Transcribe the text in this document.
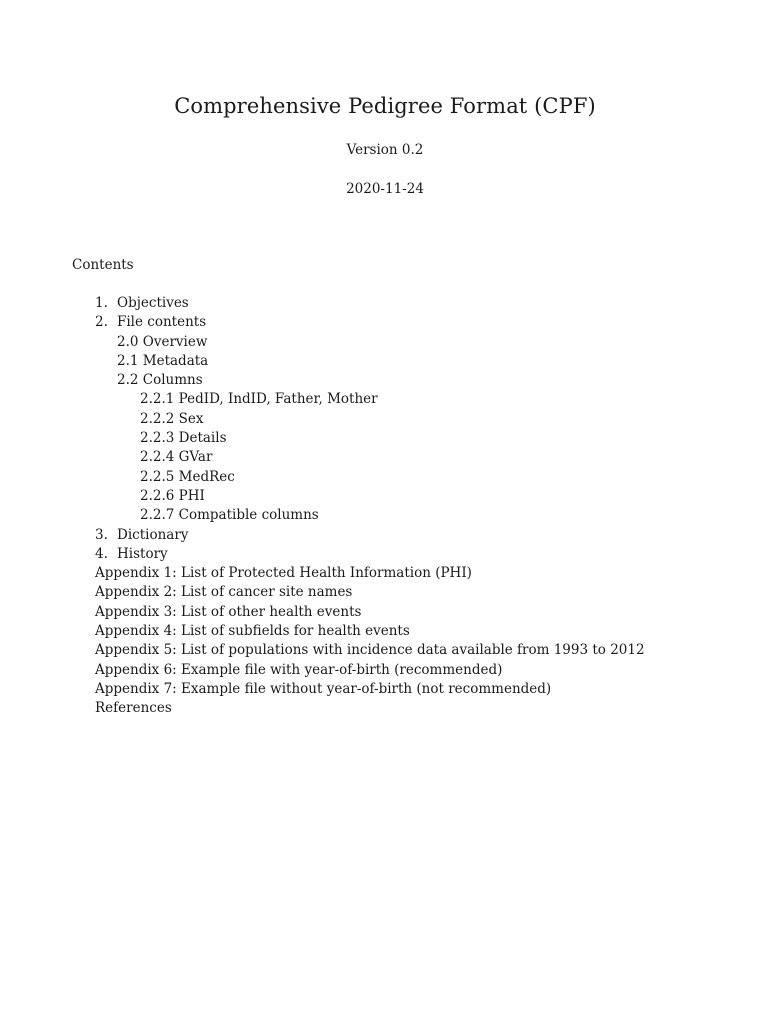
Comprehensive Pedigree Format (CPF)
Version 0.2
2020-11-24
Contents
1. Objectives
2. File contents
2.0 Overview
2.1 Metadata
2.2 Columns
2.2.1 PedID, IndID, Father, Mother
2.2.2 Sex
2.2.3 Details
2.2.4 GVar
2.2.5 MedRec
2.2.6 PHI
2.2.7 Compatible columns
3. Dictionary
4. History
Appendix 1: List of Protected Health Information (PHI)
Appendix 2: List of cancer site names
Appendix 3: List of other health events
Appendix 4: List of subfields for health events
Appendix 5: List of populations with incidence data available from 1993 to 2012
Appendix 6: Example file with year-of-birth (recommended)
Appendix 7: Example file without year-of-birth (not recommended)
References
